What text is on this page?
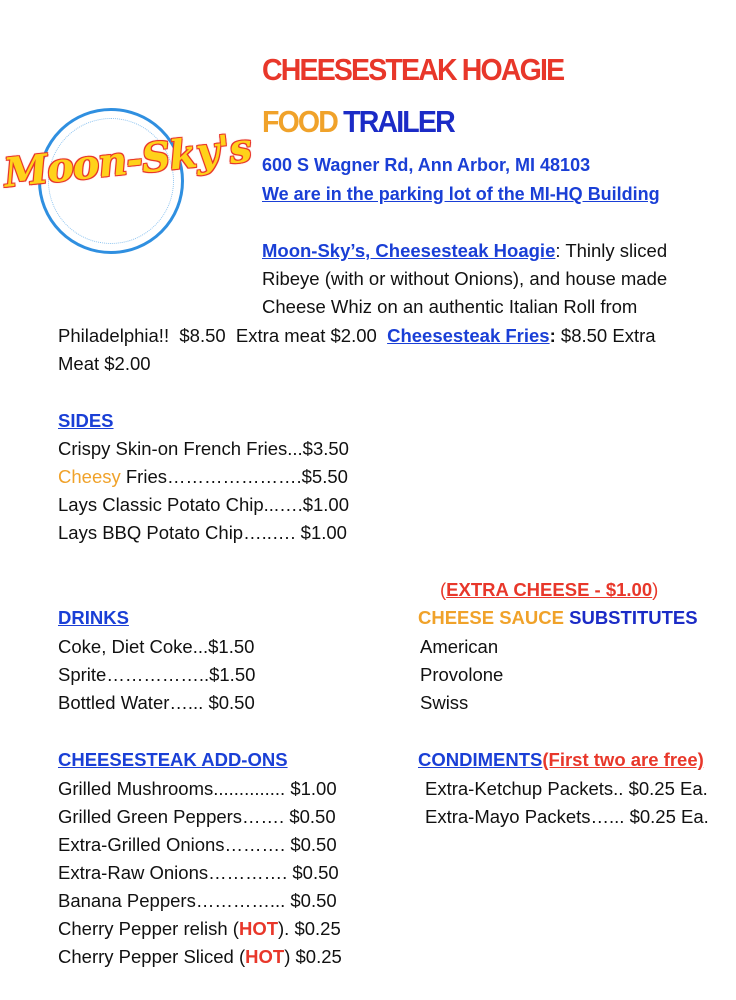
Moon-Sky's
CHEESESTEAK HOAGIE
FOOD TRAILER
600 S Wagner Rd, Ann Arbor, MI 48103
We are in the parking lot of the MI-HQ Building
Moon-Sky’s, Cheesesteak Hoagie: Thinly sliced
Ribeye (with or without Onions), and house made
Cheese Whiz on an authentic Italian Roll from
Philadelphia!!  $8.50  Extra meat $2.00  Cheesesteak Fries: $8.50 Extra
Meat $2.00
SIDES
Crispy Skin-on French Fries...$3.50
Cheesy Fries………………….$5.50
Lays Classic Potato Chip...….$1.00
Lays BBQ Potato Chip…..…. $1.00
(EXTRA CHEESE - $1.00)
DRINKS
Coke, Diet Coke...$1.50
Sprite……………..$1.50
Bottled Water…... $0.50
CHEESE SAUCE SUBSTITUTES
American
Provolone
Swiss
CHEESESTEAK ADD-ONS
Grilled Mushrooms.............. $1.00
Grilled Green Peppers……. $0.50
Extra-Grilled Onions………. $0.50
Extra-Raw Onions…………. $0.50
Banana Peppers…………... $0.50
Cherry Pepper relish (HOT). $0.25
Cherry Pepper Sliced (HOT) $0.25
CONDIMENTS(First two are free)
Extra-Ketchup Packets.. $0.25 Ea.
Extra-Mayo Packets…... $0.25 Ea.
